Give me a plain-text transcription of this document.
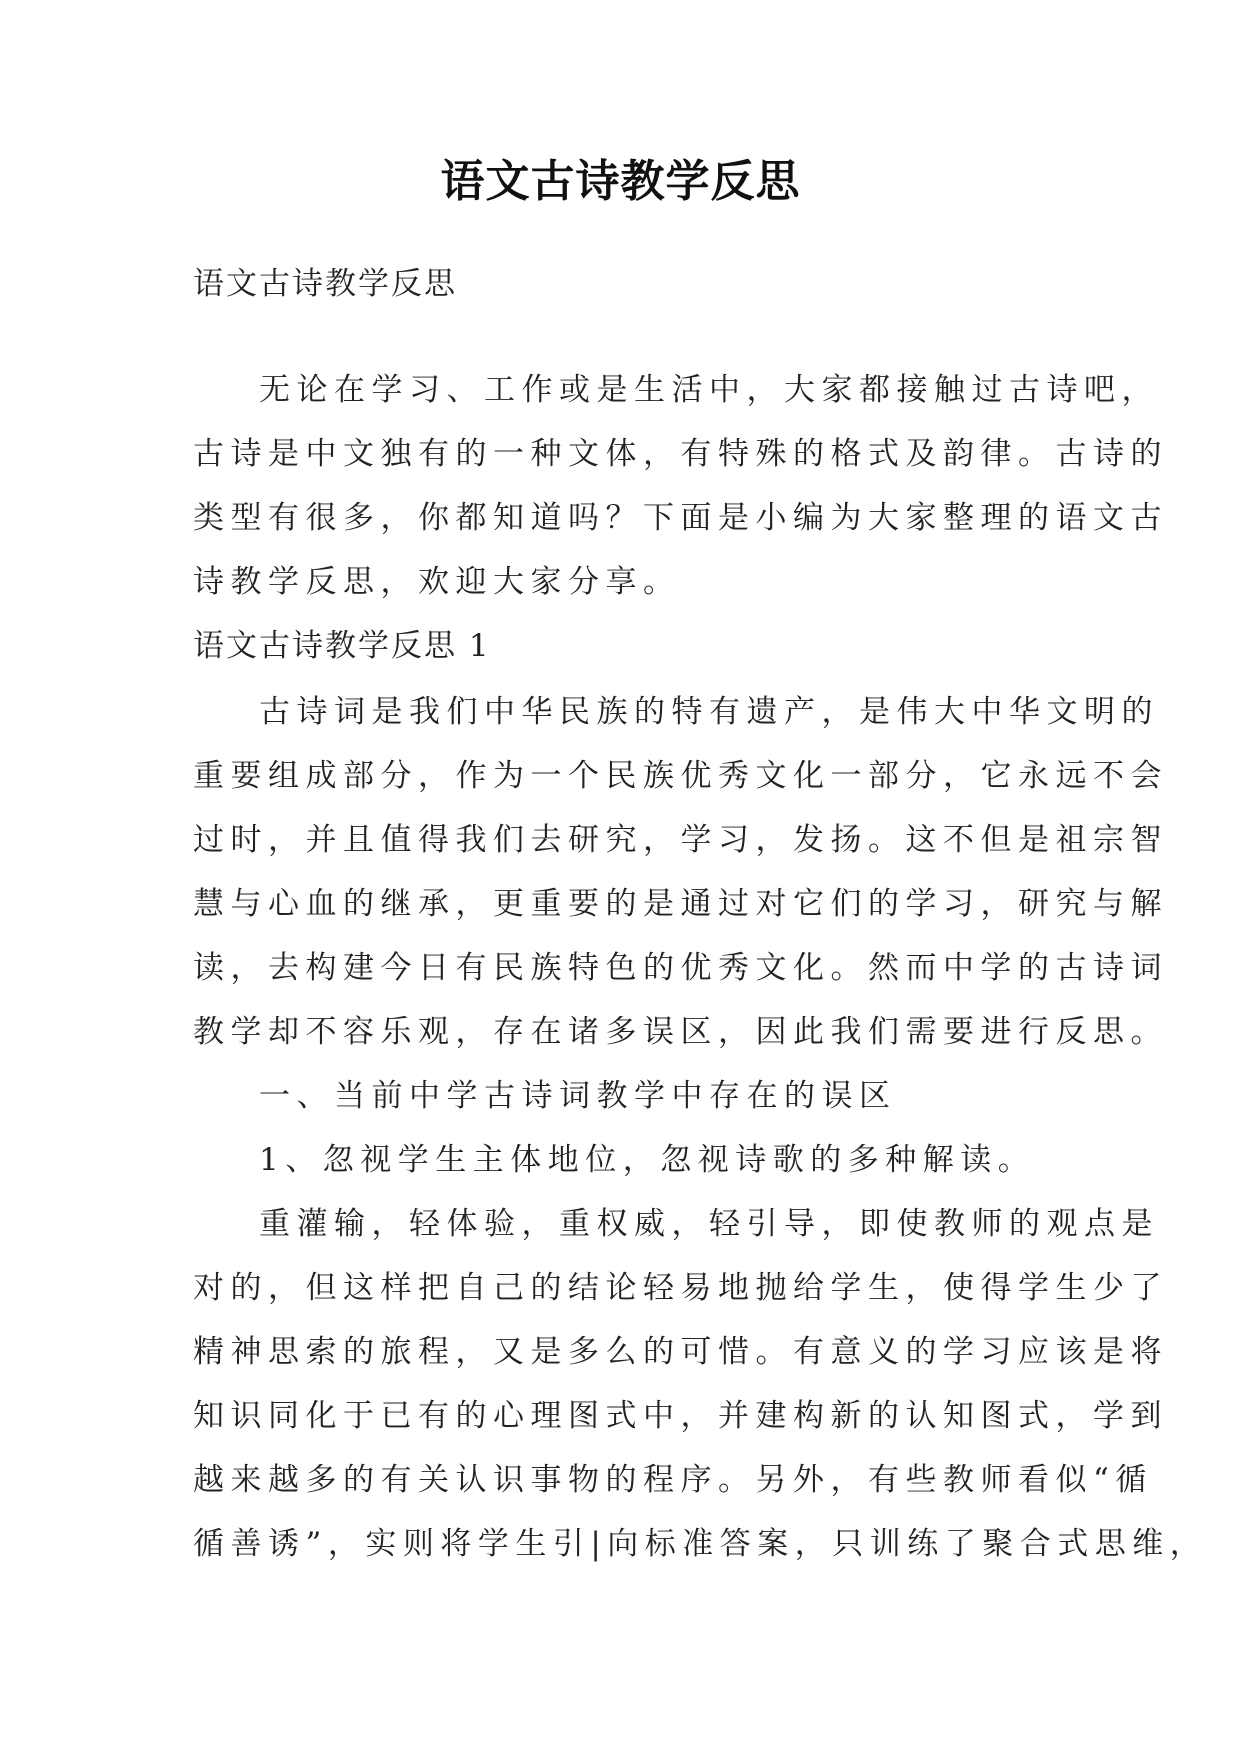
语文古诗教学反思

语文古诗教学反思

无论在学习、工作或是生活中，大家都接触过古诗吧，
古诗是中文独有的一种文体，有特殊的格式及韵律。古诗的
类型有很多，你都知道吗？下面是小编为大家整理的语文古
诗教学反思，欢迎大家分享。

语文古诗教学反思 1

古诗词是我们中华民族的特有遗产，是伟大中华文明的
重要组成部分，作为一个民族优秀文化一部分，它永远不会
过时，并且值得我们去研究，学习，发扬。这不但是祖宗智
慧与心血的继承，更重要的是通过对它们的学习，研究与解
读，去构建今日有民族特色的优秀文化。然而中学的古诗词
教学却不容乐观，存在诸多误区，因此我们需要进行反思。
一、当前中学古诗词教学中存在的误区
1、忽视学生主体地位，忽视诗歌的多种解读。
重灌输，轻体验，重权威，轻引导，即使教师的观点是
对的，但这样把自己的结论轻易地抛给学生，使得学生少了
精神思索的旅程，又是多么的可惜。有意义的学习应该是将
知识同化于已有的心理图式中，并建构新的认知图式，学到
越来越多的有关认识事物的程序。另外，有些教师看似“循
循善诱”，实则将学生引|向标准答案，只训练了聚合式思维，
